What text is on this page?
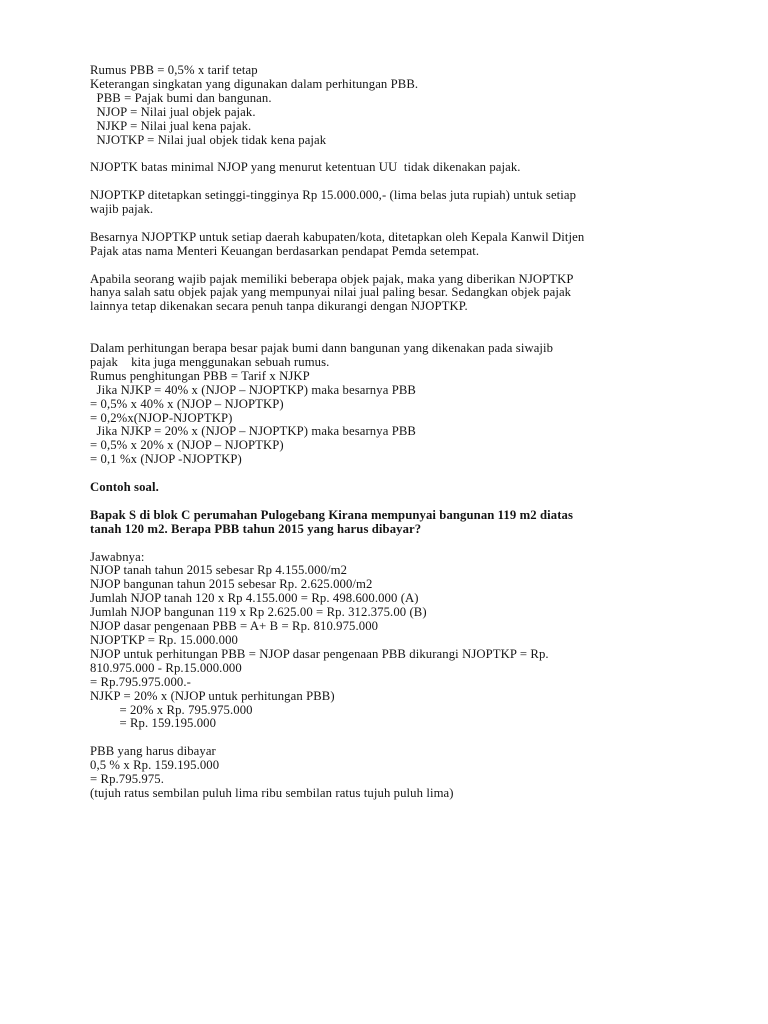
Rumus PBB = 0,5% x tarif tetap
Keterangan singkatan yang digunakan dalam perhitungan PBB.
PBB = Pajak bumi dan bangunan.
NJOP = Nilai jual objek pajak.
NJKP = Nilai jual kena pajak.
NJOTKP = Nilai jual objek tidak kena pajak
NJOPTK batas minimal NJOP yang menurut ketentuan UU  tidak dikenakan pajak.
NJOPTKP ditetapkan setinggi-tingginya Rp 15.000.000,- (lima belas juta rupiah) untuk setiap
wajib pajak.
Besarnya NJOPTKP untuk setiap daerah kabupaten/kota, ditetapkan oleh Kepala Kanwil Ditjen
Pajak atas nama Menteri Keuangan berdasarkan pendapat Pemda setempat.
Apabila seorang wajib pajak memiliki beberapa objek pajak, maka yang diberikan NJOPTKP
hanya salah satu objek pajak yang mempunyai nilai jual paling besar. Sedangkan objek pajak
lainnya tetap dikenakan secara penuh tanpa dikurangi dengan NJOPTKP.
Dalam perhitungan berapa besar pajak bumi dann bangunan yang dikenakan pada siwajib
pajak    kita juga menggunakan sebuah rumus.
Rumus penghitungan PBB = Tarif x NJKP
Jika NJKP = 40% x (NJOP – NJOPTKP) maka besarnya PBB
= 0,5% x 40% x (NJOP – NJOPTKP)
= 0,2%x(NJOP-NJOPTKP)
Jika NJKP = 20% x (NJOP – NJOPTKP) maka besarnya PBB
= 0,5% x 20% x (NJOP – NJOPTKP)
= 0,1 %x (NJOP -NJOPTKP)
Contoh soal.
Bapak S di blok C perumahan Pulogebang Kirana mempunyai bangunan 119 m2 diatas
tanah 120 m2. Berapa PBB tahun 2015 yang harus dibayar?
Jawabnya:
NJOP tanah tahun 2015 sebesar Rp 4.155.000/m2
NJOP bangunan tahun 2015 sebesar Rp. 2.625.000/m2
Jumlah NJOP tanah 120 x Rp 4.155.000 = Rp. 498.600.000 (A)
Jumlah NJOP bangunan 119 x Rp 2.625.00 = Rp. 312.375.00 (B)
NJOP dasar pengenaan PBB = A+ B = Rp. 810.975.000
NJOPTKP = Rp. 15.000.000
NJOP untuk perhitungan PBB = NJOP dasar pengenaan PBB dikurangi NJOPTKP = Rp.
810.975.000 - Rp.15.000.000
= Rp.795.975.000.-
NJKP = 20% x (NJOP untuk perhitungan PBB)
= 20% x Rp. 795.975.000
= Rp. 159.195.000
PBB yang harus dibayar
0,5 % x Rp. 159.195.000
= Rp.795.975.
(tujuh ratus sembilan puluh lima ribu sembilan ratus tujuh puluh lima)
